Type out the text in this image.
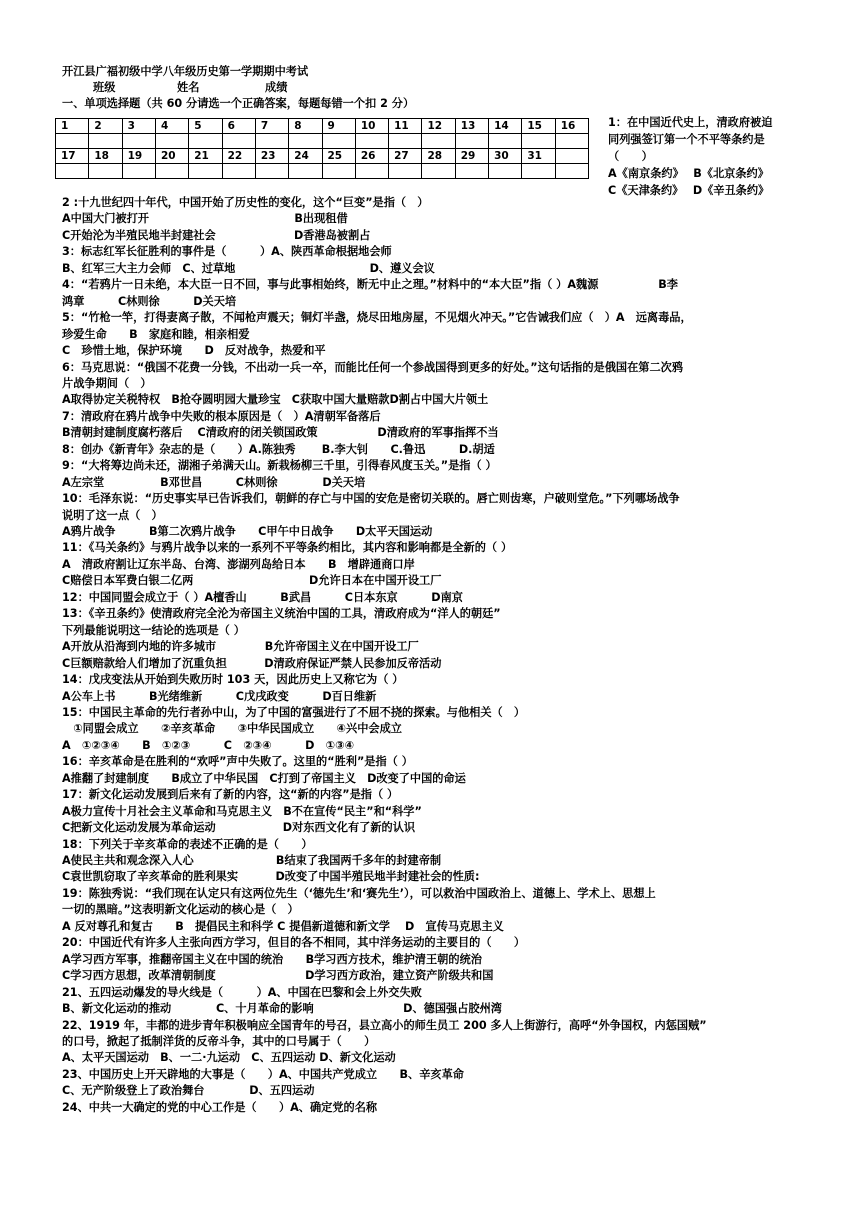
开江县广福初级中学八年级历史第一学期期中考试
班级	姓名	成绩
一、单项选择题（共 60 分请选一个正确答案，每题每错一个扣 2 分）
1	2	3	4	5	6	7	8	9	10	11	12	13	14	15	16

17	18	19	20	21	22	23	24	25	26	27	28	29	30	31	

1：在中国近代史上，清政府被迫
同列强签订第一个不平等条约是
（　　）
A《南京条约》　 B《北京条约》
C《天津条约》　 D《辛丑条约》
2 :十九世纪四十年代，中国开始了历史性的变化，这个“巨变”是指（　）
A中国大门被打开　　　　　　　　　　　　　B出现租借
C开始沦为半殖民地半封建社会　　　　　　　D香港岛被割占
3：标志红军长征胜利的事件是（　　　）A、陕西革命根据地会师
B、红军三大主力会师　C、过草地　　　　　　　　　　　　D、遵义会议
4：“若鸦片一日未绝，本大臣一日不回，事与此事相始终，断无中止之理。”材料中的“本大臣”指（ ）A魏源　　　　　 B李
鸿章　　　C林则徐　　　D关天培
5：“竹枪一竿，打得妻离子散，不闻枪声震天；铜灯半盏，烧尽田地房屋，不见烟火冲天。”它告诫我们应（　）A　远离毒品，
珍爱生命　　B　家庭和睦，相亲相爱
C　珍惜土地，保护环境　　D　反对战争，热爱和平
6：马克思说：“俄国不花费一分钱，不出动一兵一卒，而能比任何一个参战国得到更多的好处。”这句话指的是俄国在第二次鸦
片战争期间（　）
A取得协定关税特权　B抢夺圆明园大量珍宝　C获取中国大量赔款D割占中国大片领土
7：清政府在鸦片战争中失败的根本原因是（　）A清朝军备落后
B清朝封建制度腐朽落后　 C清政府的闭关锁国政策　　　　　 D清政府的军事指挥不当
8：创办《新青年》杂志的是（　　）A.陈独秀　　 B.李大钊　　C.鲁迅　　　D.胡适
9：“大将筹边尚未还，湖湘子弟满天山。新栽杨柳三千里，引得春风度玉关。”是指（ ）
A左宗堂　　　　　B邓世昌　　　C林则徐　　　　D关天培
10：毛泽东说：“历史事实早已告诉我们，朝鲜的存亡与中国的安危是密切关联的。唇亡则齿寒，户破则堂危。”下列哪场战争
说明了这一点（　）
A鸦片战争　　　B第二次鸦片战争　　C甲午中日战争　　D太平天国运动
11：《马关条约》与鸦片战争以来的一系列不平等条约相比，其内容和影响都是全新的（ ）
A　清政府割让辽东半岛、台湾、澎湖列岛给日本　　B　增辟通商口岸
C赔偿日本军费白银二亿两　　　　　　　　　　 D允许日本在中国开设工厂
12：中国同盟会成立于（ ）A檀香山　　　B武昌　　　C日本东京　　　D南京
13：《辛丑条约》使清政府完全沦为帝国主义统治中国的工具，清政府成为“洋人的朝廷”
下列最能说明这一结论的选项是（ ）
A开放从沿海到内地的许多城市　　　　 B允许帝国主义在中国开设工厂
C巨额赔款给人们增加了沉重负担　　　 D清政府保证严禁人民参加反帝活动
14：戊戌变法从开始到失败历时 103 天，因此历史上又称它为（ ）
A公车上书　　　B光绪维新　　　C戊戌政变　　　D百日维新
15：中国民主革命的先行者孙中山，为了中国的富强进行了不屈不挠的探索。与他相关（　）
　①同盟会成立　　②辛亥革命　　③中华民国成立　　④兴中会成立
A　①②③④　　B　①②③　　　C　②③④　　　D　①③④
16：辛亥革命是在胜利的“欢呼”声中失败了。这里的“胜利”是指（ ）
A推翻了封建制度　　B成立了中华民国　C打到了帝国主义　D改变了中国的命运
17：新文化运动发展到后来有了新的内容，这“新的内容”是指（ ）
A极力宣传十月社会主义革命和马克思主义　B不在宣传“民主”和“科学”
C把新文化运动发展为革命运动　　　　　　D对东西文化有了新的认识
18：下列关于辛亥革命的表述不正确的是（　　）
A使民主共和观念深入人心　　　　　　　 B结束了我国两千多年的封建帝制
C袁世凯窃取了辛亥革命的胜利果实　　　 D改变了中国半殖民地半封建社会的性质:
19：陈独秀说：“我们现在认定只有这两位先生（‘德先生’和‘赛先生’），可以救治中国政治上、道德上、学术上、思想上
一切的黑暗。”这表明新文化运动的核心是（　）
A 反对尊孔和复古　　B　提倡民主和科学 C 提倡新道德和新文学　 D　宣传马克思主义
20：中国近代有许多人主张向西方学习，但目的各不相同，其中洋务运动的主要目的（　　）
A学习西方军事，推翻帝国主义在中国的统治　　B学习西方技术，维护清王朝的统治
C学习西方思想，改革清朝制度　　　　　　　　D学习西方政治，建立资产阶级共和国
21、五四运动爆发的导火线是（　　　）A、中国在巴黎和会上外交失败
B、新文化运动的推动　　　　C、十月革命的影响　　　　　　　　D、德国强占胶州湾
22、1919 年，丰都的进步青年积极响应全国青年的号召，县立高小的师生员工 200 多人上街游行，高呼“外争国权，内惩国贼”
的口号，掀起了抵制洋货的反帝斗争，其中的口号属于（　　）
A、太平天国运动　B、一二·九运动　C、五四运动 D、新文化运动
23、中国历史上开天辟地的大事是（　　）A、中国共产党成立　　B、辛亥革命
C、无产阶级登上了政治舞台　　　　D、五四运动
24、中共一大确定的党的中心工作是（　　）A、确定党的名称
